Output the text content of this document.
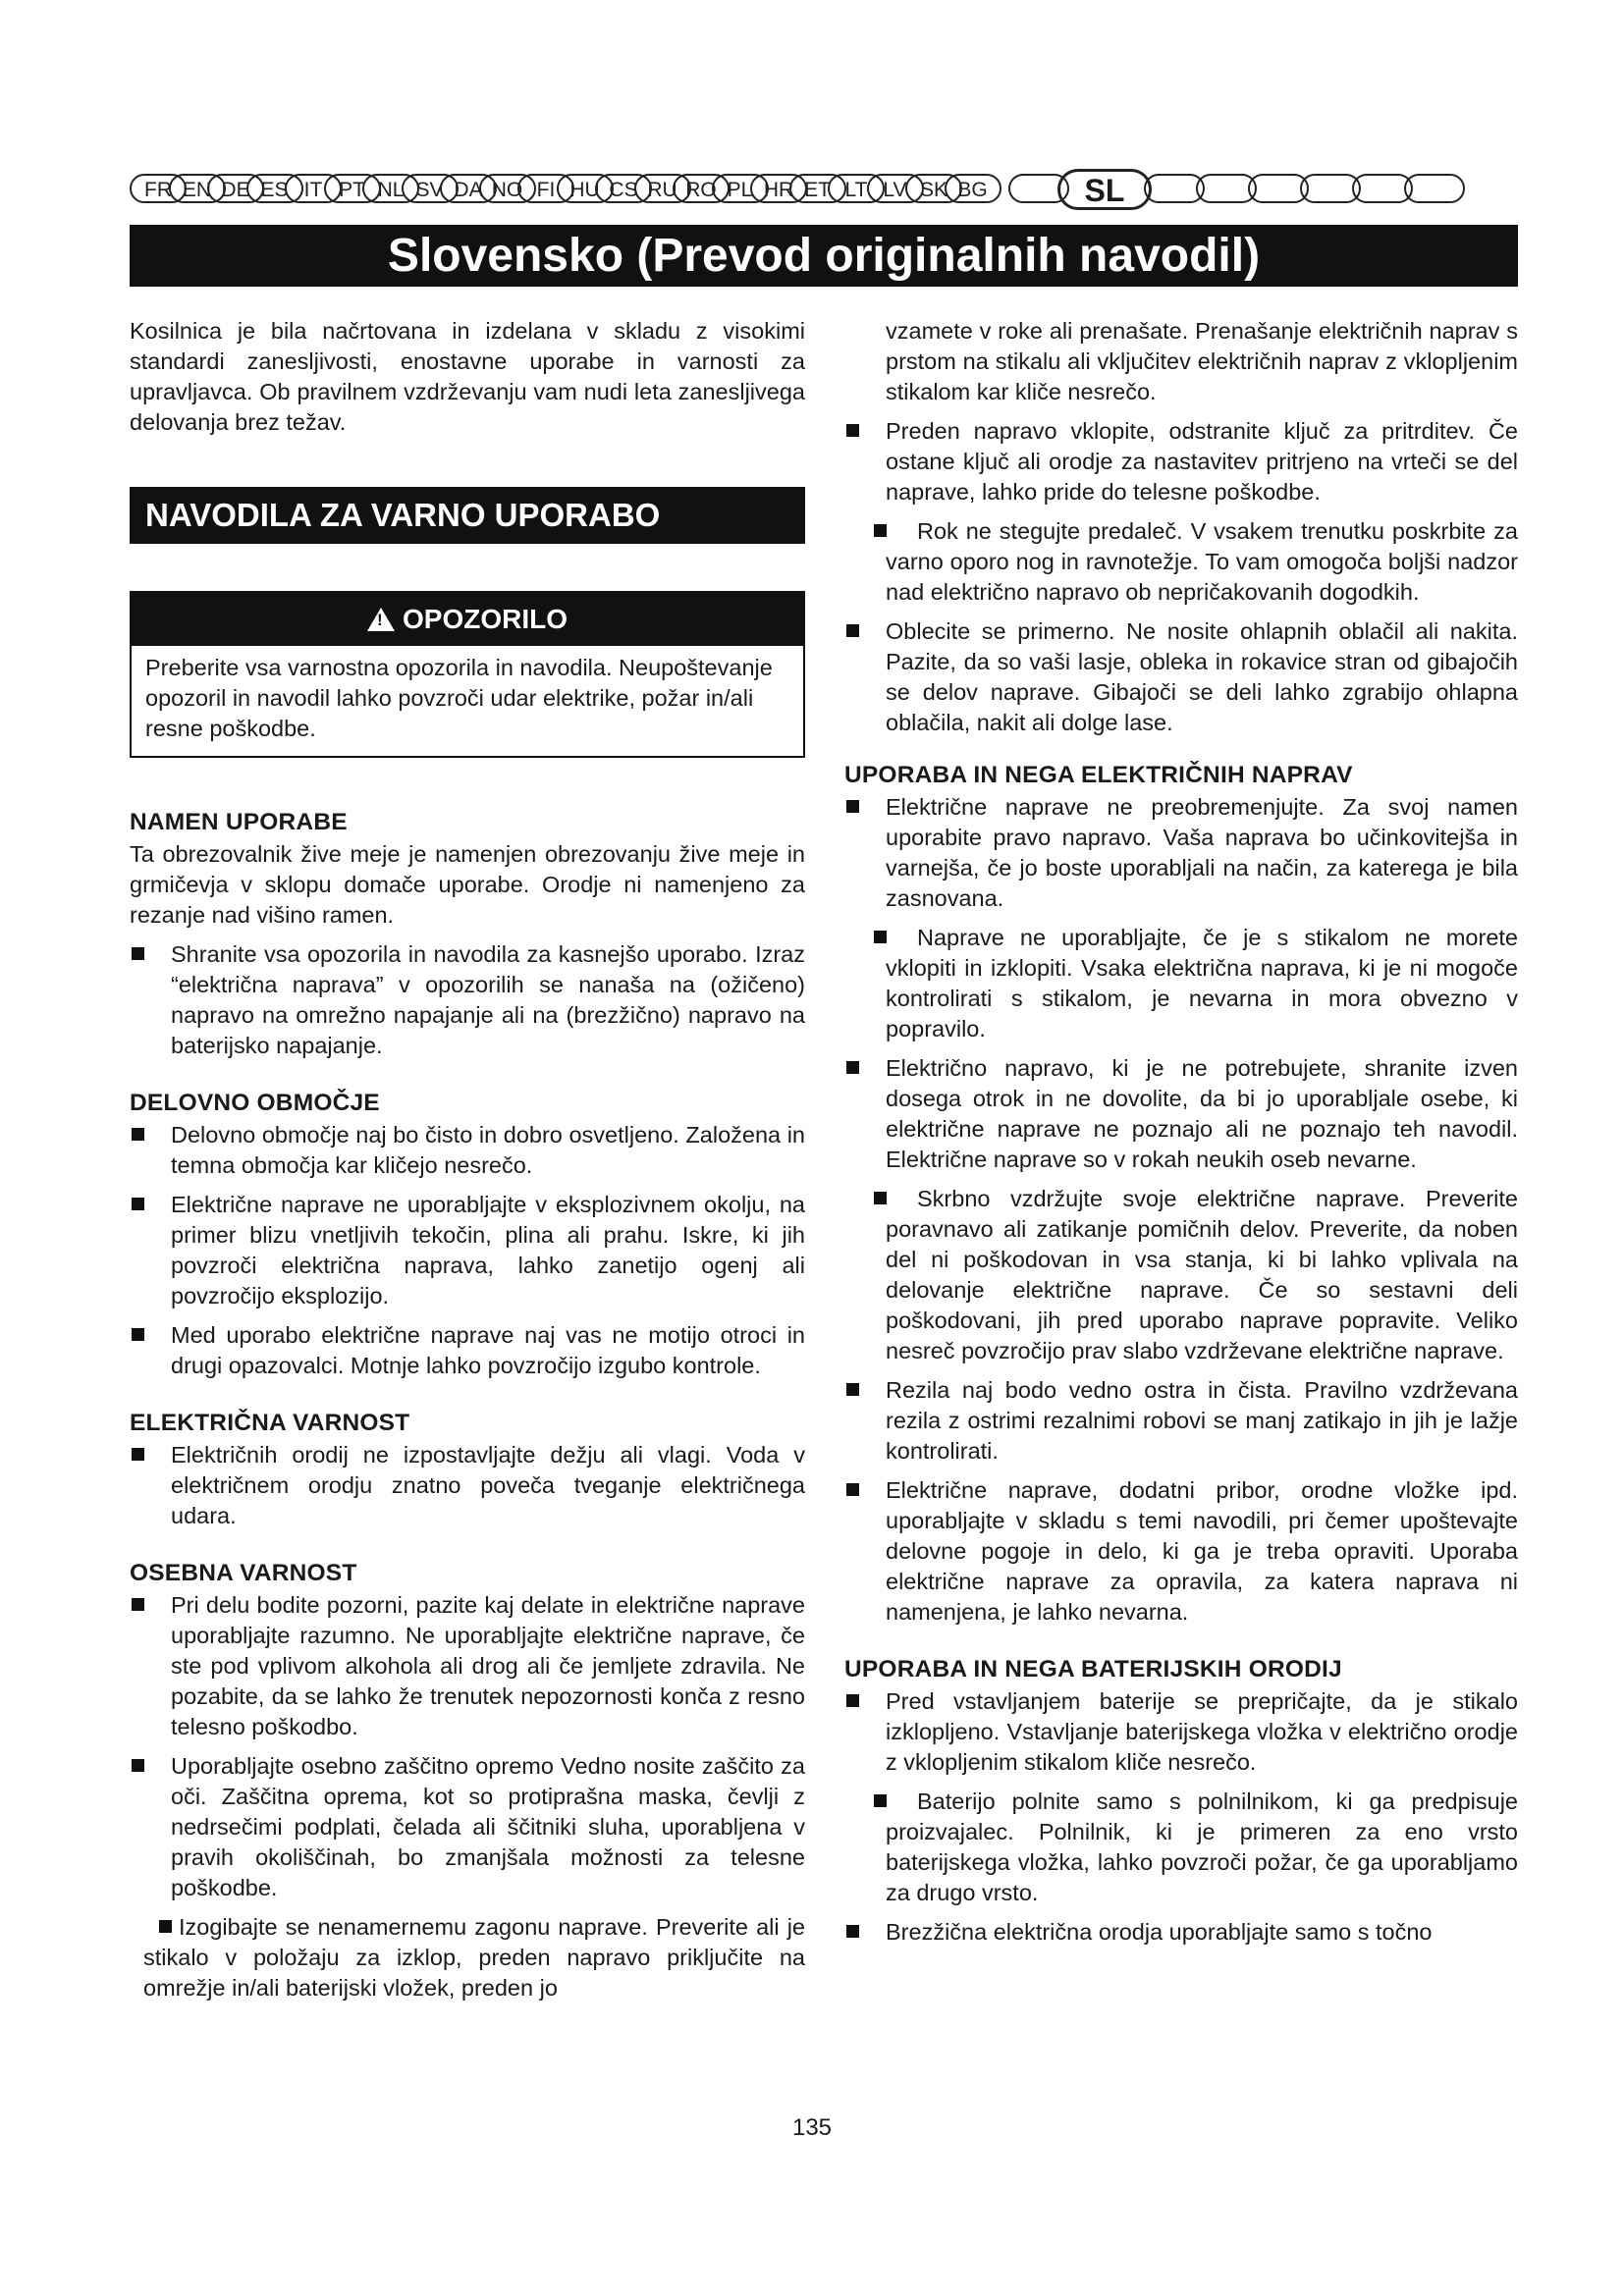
FR EN DE ES IT PT NL SV DA NO FI HU CS RU RO PL HR ET LT LV SK BG	SL
Slovensko (Prevod originalnih navodil)

Kosilnica je bila načrtovana in izdelana v skladu z visokimi standardi zanesljivosti, enostavne uporabe in varnosti za upravljavca. Ob pravilnem vzdrževanju vam nudi leta zanesljivega delovanja brez težav.

NAVODILA ZA VARNO UPORABO
!OPOZORILO

Preberite vsa varnostna opozorila in navodila. Neupoštevanje opozoril in navodil lahko povzroči udar elektrike, požar in/ali resne poškodbe.

NAMEN UPORABE

Ta obrezovalnik žive meje je namenjen obrezovanju žive meje in grmičevja v sklopu domače uporabe. Orodje ni namenjeno za rezanje nad višino ramen.

Shranite vsa opozorila in navodila za kasnejšo uporabo. Izraz “električna naprava” v opozorilih se nanaša na (ožičeno) napravo na omrežno napajanje ali na (brezžično) napravo na baterijsko napajanje.
DELOVNO OBMOČJE
Delovno območje naj bo čisto in dobro osvetljeno. Založena in temna območja kar kličejo nesrečo.
Električne naprave ne uporabljajte v eksplozivnem okolju, na primer blizu vnetljivih tekočin, plina ali prahu. Iskre, ki jih povzroči električna naprava, lahko zanetijo ogenj ali povzročijo eksplozijo.
Med uporabo električne naprave naj vas ne motijo otroci in drugi opazovalci. Motnje lahko povzročijo izgubo kontrole.
ELEKTRIČNA VARNOST
Električnih orodij ne izpostavljajte dežju ali vlagi. Voda v električnem orodju znatno poveča tveganje električnega udara.
OSEBNA VARNOST
Pri delu bodite pozorni, pazite kaj delate in električne naprave uporabljajte razumno. Ne uporabljajte električne naprave, če ste pod vplivom alkohola ali drog ali če jemljete zdravila. Ne pozabite, da se lahko že trenutek nepozornosti konča z resno telesno poškodbo.
Uporabljajte osebno zaščitno opremo Vedno nosite zaščito za oči. Zaščitna oprema, kot so protiprašna maska, čevlji z nedrsečimi podplati, čelada ali ščitniki sluha, uporabljena v pravih okoliščinah, bo zmanjšala možnosti za telesne poškodbe.
Izogibajte se nenamernemu zagonu naprave. Preverite ali je stikalo v položaju za izklop, preden napravo priključite na omrežje in/ali baterijski vložek, preden jo
vzamete v roke ali prenašate. Prenašanje električnih naprav s prstom na stikalu ali vključitev električnih naprav z vklopljenim stikalom kar kliče nesrečo.
Preden napravo vklopite, odstranite ključ za pritrditev. Če ostane ključ ali orodje za nastavitev pritrjeno na vrteči se del naprave, lahko pride do telesne poškodbe.
Rok ne stegujte predaleč. V vsakem trenutku poskrbite za varno oporo nog in ravnotežje. To vam omogoča boljši nadzor nad električno napravo ob nepričakovanih dogodkih.
Oblecite se primerno. Ne nosite ohlapnih oblačil ali nakita. Pazite, da so vaši lasje, obleka in rokavice stran od gibajočih se delov naprave. Gibajoči se deli lahko zgrabijo ohlapna oblačila, nakit ali dolge lase.
UPORABA IN NEGA ELEKTRIČNIH NAPRAV
Električne naprave ne preobremenjujte. Za svoj namen uporabite pravo napravo. Vaša naprava bo učinkovitejša in varnejša, če jo boste uporabljali na način, za katerega je bila zasnovana.
Naprave ne uporabljajte, če je s stikalom ne morete vklopiti in izklopiti. Vsaka električna naprava, ki je ni mogoče kontrolirati s stikalom, je nevarna in mora obvezno v popravilo.
Električno napravo, ki je ne potrebujete, shranite izven dosega otrok in ne dovolite, da bi jo uporabljale osebe, ki električne naprave ne poznajo ali ne poznajo teh navodil. Električne naprave so v rokah neukih oseb nevarne.
Skrbno vzdržujte svoje električne naprave. Preverite poravnavo ali zatikanje pomičnih delov. Preverite, da noben del ni poškodovan in vsa stanja, ki bi lahko vplivala na delovanje električne naprave. Če so sestavni deli poškodovani, jih pred uporabo naprave popravite. Veliko nesreč povzročijo prav slabo vzdrževane električne naprave.
Rezila naj bodo vedno ostra in čista. Pravilno vzdrževana rezila z ostrimi rezalnimi robovi se manj zatikajo in jih je lažje kontrolirati.
Električne naprave, dodatni pribor, orodne vložke ipd. uporabljajte v skladu s temi navodili, pri čemer upoštevajte delovne pogoje in delo, ki ga je treba opraviti. Uporaba električne naprave za opravila, za katera naprava ni namenjena, je lahko nevarna.
UPORABA IN NEGA BATERIJSKIH ORODIJ
Pred vstavljanjem baterije se prepričajte, da je stikalo izklopljeno. Vstavljanje baterijskega vložka v električno orodje z vklopljenim stikalom kliče nesrečo.
Baterijo polnite samo s polnilnikom, ki ga predpisuje proizvajalec. Polnilnik, ki je primeren za eno vrsto baterijskega vložka, lahko povzroči požar, če ga uporabljamo za drugo vrsto.
Brezžična električna orodja uporabljajte samo s točno
135
